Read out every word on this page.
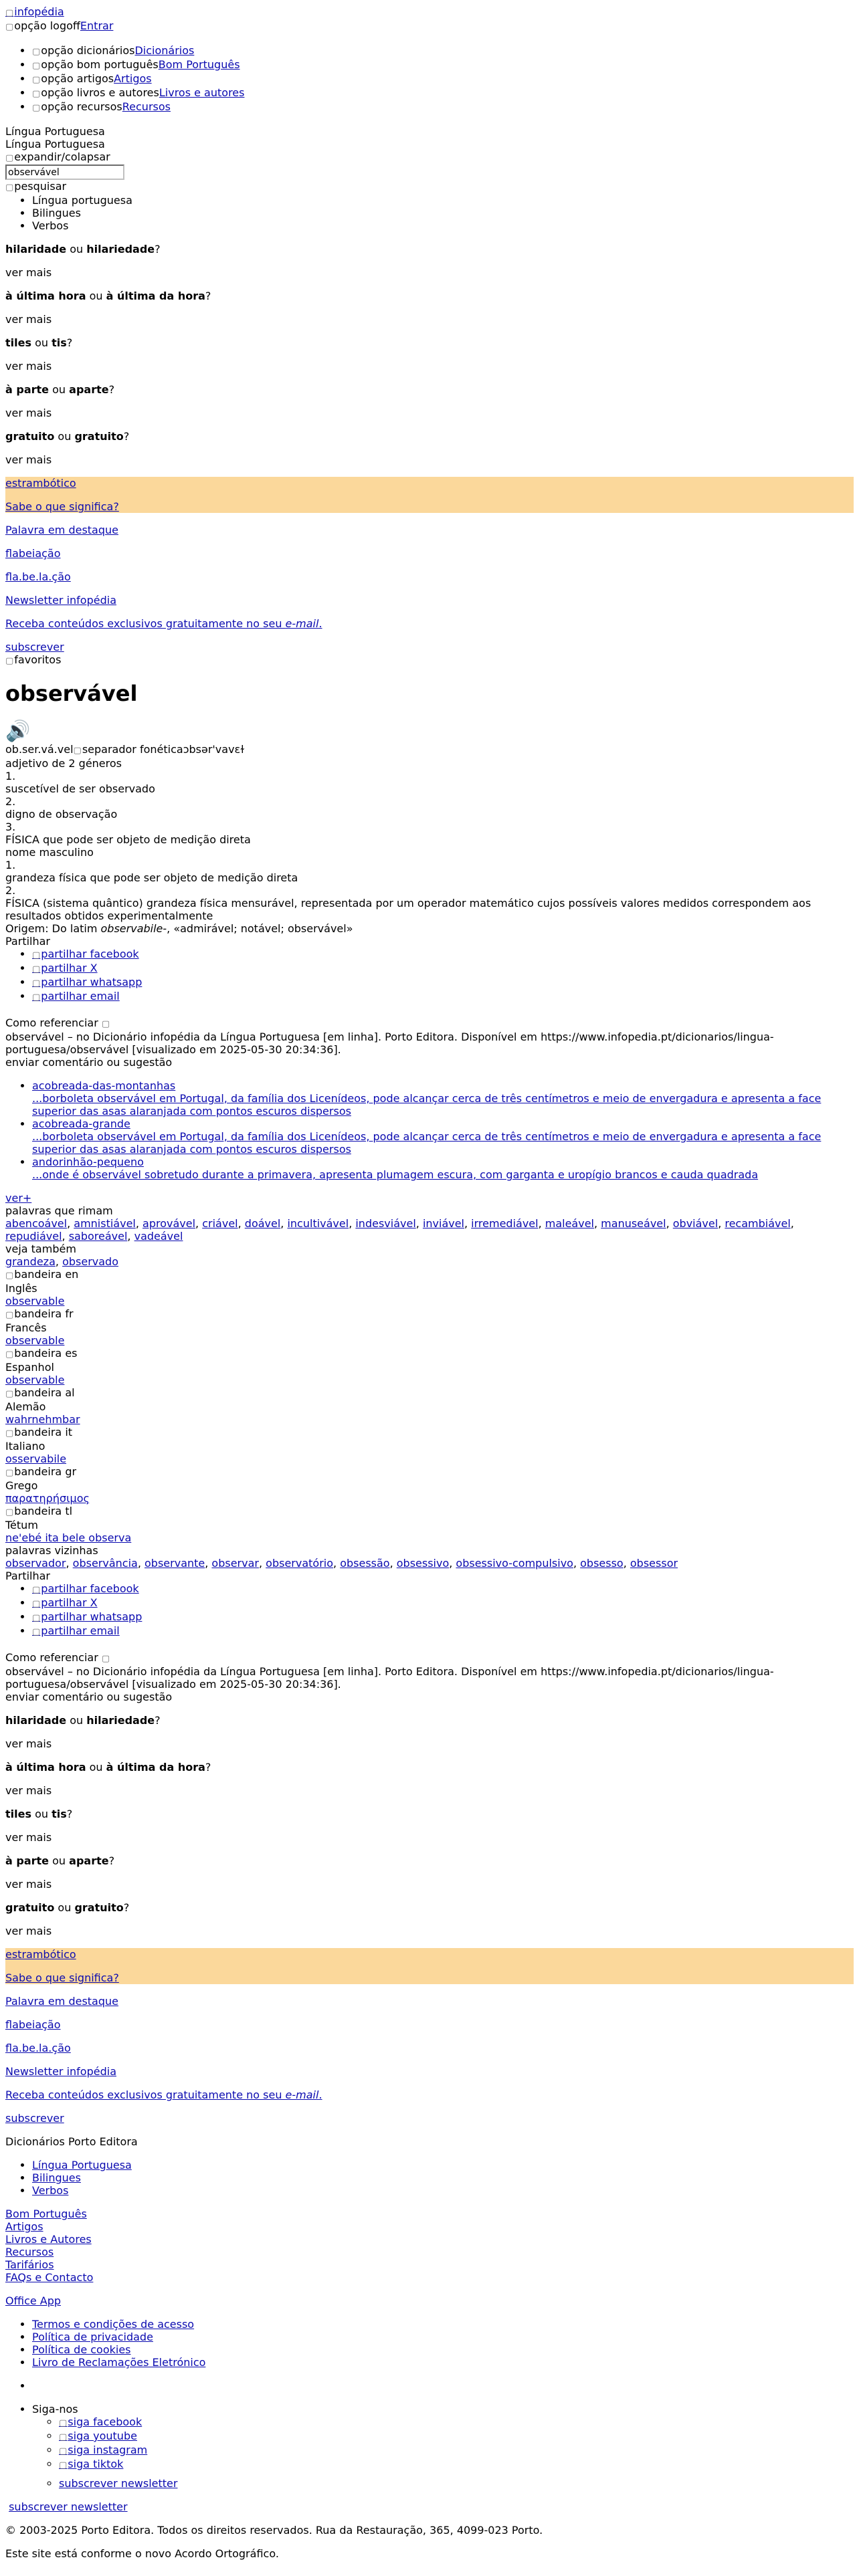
▢ infopédia
▢ opção logoffEntrar
• ▢ opção dicionáriosDicionários
• ▢ opção bom portuguêsBom Português
• ▢ opção artigosArtigos
• ▢ opção livros e autoresLivros e autores
• ▢ opção recursosRecursos
Língua Portuguesa
Língua Portuguesa
▢ expandir/colapsar
observável
▢ pesquisar
• Língua portuguesa
• Bilingues
• Verbos

hilaridade ou hilariedade?

ver mais

à última hora ou à última da hora?

ver mais

tiles ou tis?

ver mais

à parte ou aparte?

ver mais

gratuito ou gratuito?

ver mais

estrambótico

Sabe o que significa?

Palavra em destaque

flabeiação

fla.be.la.ção

Newsletter infopédia

Receba conteúdos exclusivos gratuitamente no seu e-mail.

subscrever

▢ favoritos
observável
🔊
ob.ser.vá.vel▢ separador fonéticaɔbsər'vavɛɫ
adjetivo de 2 géneros
1.
suscetível de ser observado
2.
digno de observação
3.
FÍSICA que pode ser objeto de medição direta
nome masculino
1.
grandeza física que pode ser objeto de medição direta
2.
FÍSICA (sistema quântico) grandeza física mensurável, representada por um operador matemático cujos possíveis valores medidos correspondem aos resultados obtidos experimentalmente
Origem: Do latim observabile-, «admirável; notável; observável»
Partilhar
• ▢ partilhar facebook
• ▢ partilhar X
• ▢ partilhar whatsapp
• ▢ partilhar email
Como referenciar ▢
observável – no Dicionário infopédia da Língua Portuguesa [em linha]. Porto Editora. Disponível em https://www.infopedia.pt/dicionarios/lingua-portuguesa/observável [visualizado em 2025-05-30 20:34:36].
enviar comentário ou sugestão
• acobreada-das-montanhas
...borboleta observável em Portugal, da família dos Licenídeos, pode alcançar cerca de três centímetros e meio de envergadura e apresenta a face superior das asas alaranjada com pontos escuros dispersos
• acobreada-grande
...borboleta observável em Portugal, da família dos Licenídeos, pode alcançar cerca de três centímetros e meio de envergadura e apresenta a face superior das asas alaranjada com pontos escuros dispersos
• andorinhão-pequeno
...onde é observável sobretudo durante a primavera, apresenta plumagem escura, com garganta e uropígio brancos e cauda quadrada
ver+
palavras que rimam
abencoável, amnistiável, aprovável, criável, doável, incultivável, indesviável, inviável, irremediável, maleável, manuseável, obviável, recambiável, repudiável, saboreável, vadeável
veja também
grandeza, observado
▢ bandeira en
Inglês
observable
▢ bandeira fr
Francês
observable
▢ bandeira es
Espanhol
observable
▢ bandeira al
Alemão
wahrnehmbar
▢ bandeira it
Italiano
osservabile
▢ bandeira gr
Grego
παρατηρήσιμος
▢ bandeira tl
Tétum
ne'ebé ita bele observa
palavras vizinhas
observador, observância, observante, observar, observatório, obsessão, obsessivo, obsessivo-compulsivo, obsesso, obsessor
Partilhar
• ▢ partilhar facebook
• ▢ partilhar X
• ▢ partilhar whatsapp
• ▢ partilhar email
Como referenciar ▢
observável – no Dicionário infopédia da Língua Portuguesa [em linha]. Porto Editora. Disponível em https://www.infopedia.pt/dicionarios/lingua-portuguesa/observável [visualizado em 2025-05-30 20:34:36].
enviar comentário ou sugestão

hilaridade ou hilariedade?

ver mais

à última hora ou à última da hora?

ver mais

tiles ou tis?

ver mais

à parte ou aparte?

ver mais

gratuito ou gratuito?

ver mais

estrambótico

Sabe o que significa?

Palavra em destaque

flabeiação

fla.be.la.ção

Newsletter infopédia

Receba conteúdos exclusivos gratuitamente no seu e-mail.

subscrever

Dicionários Porto Editora
• Língua Portuguesa
• Bilingues
• Verbos
Bom Português
Artigos
Livros e Autores
Recursos
Tarifários
FAQs e Contacto
Office App
• Termos e condições de acesso
• Política de privacidade
• Política de cookies
• Livro de Reclamações Eletrónico
•
• Siga-nos
◦ ▢ siga facebook
◦ ▢ siga youtube
◦ ▢ siga instagram
◦ ▢ siga tiktok
◦ subscrever newsletter
subscrever newsletter

© 2003-2025 Porto Editora. Todos os direitos reservados. Rua da Restauração, 365, 4099-023 Porto.

Este site está conforme o novo Acordo Ortográfico.
